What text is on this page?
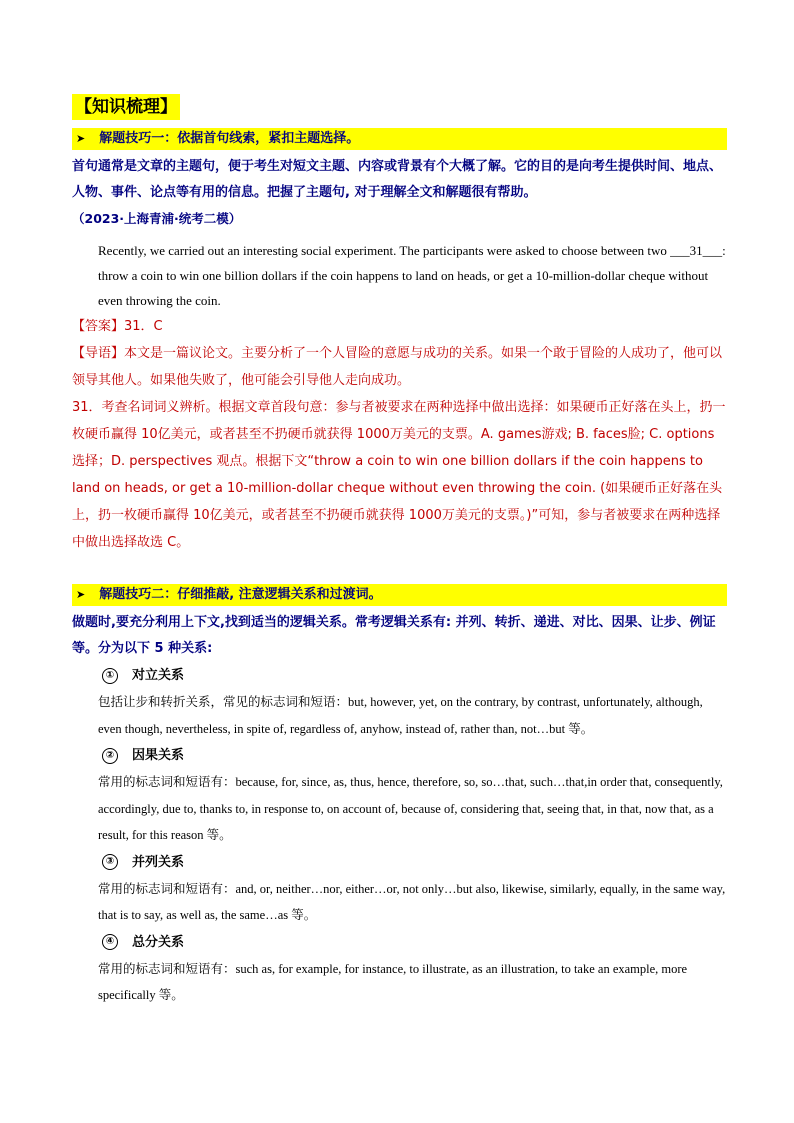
【知识梳理】
➤ 解题技巧一：依据首句线索，紧扣主题选择。
首句通常是文章的主题句，便于考生对短文主题、内容或背景有个大概了解。它的目的是向考生提供时间、地点、人物、事件、论点等有用的信息。把握了主题句, 对于理解全文和解题很有帮助。
（2023·上海青浦·统考二模）
Recently, we carried out an interesting social experiment. The participants were asked to choose between two ___31___: throw a coin to win one billion dollars if the coin happens to land on heads, or get a 10-million-dollar cheque without even throwing the coin.
【答案】31．C
【导语】本文是一篇议论文。主要分析了一个人冒险的意愿与成功的关系。如果一个敢于冒险的人成功了，他可以领导其他人。如果他失败了，他可能会引导他人走向成功。
31．考查名词词义辨析。根据文章首段句意：参与者被要求在两种选择中做出选择：如果硬币正好落在头上，扔一枚硬币赢得 10亿美元，或者甚至不扔硬币就获得 1000万美元的支票。A. games游戏; B. faces脸; C. options 选择；D. perspectives 观点。根据下文“throw a coin to win one billion dollars if the coin happens to land on heads, or get a 10-million-dollar cheque without even throwing the coin. (如果硬币正好落在头上，扔一枚硬币赢得 10亿美元，或者甚至不扔硬币就获得 1000万美元的支票。)”可知，参与者被要求在两种选择中做出选择故选 C。
➤ 解题技巧二：仔细推敲, 注意逻辑关系和过渡词。
做题时,要充分利用上下文,找到适当的逻辑关系。常考逻辑关系有: 并列、转折、递进、对比、因果、让步、例证等。分为以下 5 种关系:
① 对立关系
包括让步和转折关系，常见的标志词和短语：but, however, yet, on the contrary, by contrast, unfortunately, although, even though, nevertheless, in spite of, regardless of, anyhow, instead of, rather than, not…but 等。
② 因果关系
常用的标志词和短语有：because, for, since, as, thus, hence, therefore, so, so…that, such…that,in order that, consequently, accordingly, due to, thanks to, in response to, on account of, because of, considering that, seeing that, in that, now that, as a result, for this reason 等。
③ 并列关系
常用的标志词和短语有：and, or, neither…nor, either…or, not only…but also, likewise, similarly, equally, in the same way, that is to say, as well as, the same…as 等。
④ 总分关系
常用的标志词和短语有：such as, for example, for instance, to illustrate, as an illustration, to take an example, more specifically 等。
